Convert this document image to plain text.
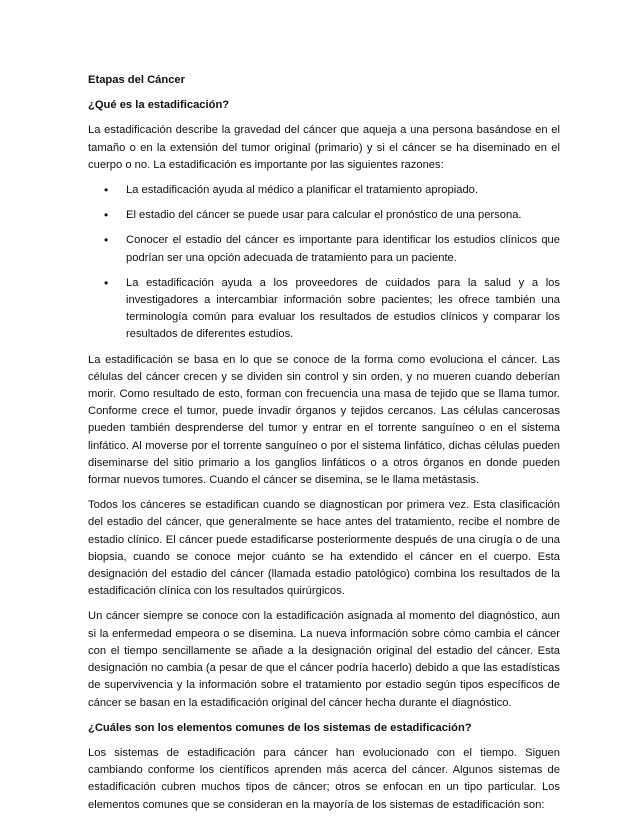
Etapas del Cáncer
¿Qué es la estadificación?

La estadificación describe la gravedad del cáncer que aqueja a una persona basándose en el tamaño o en la extensión del tumor original (primario) y si el cáncer se ha diseminado en el cuerpo o no. La estadificación es importante por las siguientes razones:

• La estadificación ayuda al médico a planificar el tratamiento apropiado.
• El estadio del cáncer se puede usar para calcular el pronóstico de una persona.
• Conocer el estadio del cáncer es importante para identificar los estudios clínicos que podrían ser una opción adecuada de tratamiento para un paciente.
• La estadificación ayuda a los proveedores de cuidados para la salud y a los investigadores a intercambiar información sobre pacientes; les ofrece también una terminología común para evaluar los resultados de estudios clínicos y comparar los resultados de diferentes estudios.

La estadificación se basa en lo que se conoce de la forma como evoluciona el cáncer. Las células del cáncer crecen y se dividen sin control y sin orden, y no mueren cuando deberían morir. Como resultado de esto, forman con frecuencia una masa de tejido que se llama tumor. Conforme crece el tumor, puede invadir órganos y tejidos cercanos. Las células cancerosas pueden también desprenderse del tumor y entrar en el torrente sanguíneo o en el sistema linfático. Al moverse por el torrente sanguíneo o por el sistema linfático, dichas células pueden diseminarse del sitio primario a los ganglios linfáticos o a otros órganos en donde pueden formar nuevos tumores. Cuando el cáncer se disemina, se le llama metástasis.

Todos los cánceres se estadifican cuando se diagnostican por primera vez. Esta clasificación del estadio del cáncer, que generalmente se hace antes del tratamiento, recibe el nombre de estadio clínico. El cáncer puede estadificarse posteriormente después de una cirugía o de una biopsia, cuando se conoce mejor cuánto se ha extendido el cáncer en el cuerpo. Esta designación del estadio del cáncer (llamada estadio patológico) combina los resultados de la estadificación clínica con los resultados quirúrgicos.

Un cáncer siempre se conoce con la estadificación asignada al momento del diagnóstico, aun si la enfermedad empeora o se disemina. La nueva información sobre cómo cambia el cáncer con el tiempo sencillamente se añade a la designación original del estadio del cáncer. Esta designación no cambia (a pesar de que el cáncer podría hacerlo) debido a que las estadísticas de supervivencia y la información sobre el tratamiento por estadio según tipos específicos de cáncer se basan en la estadificación original del cáncer hecha durante el diagnóstico.

¿Cuáles son los elementos comunes de los sistemas de estadificación?

Los sistemas de estadificación para cáncer han evolucionado con el tiempo. Siguen cambiando conforme los científicos aprenden más acerca del cáncer. Algunos sistemas de estadificación cubren muchos tipos de cáncer; otros se enfocan en un tipo particular. Los elementos comunes que se consideran en la mayoría de los sistemas de estadificación son:
